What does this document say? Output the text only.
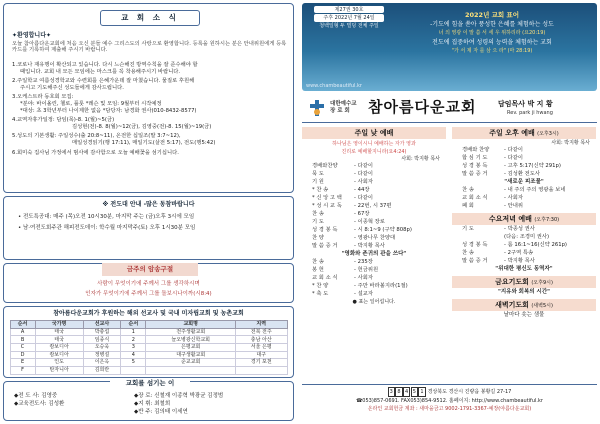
교 회 소 식
✦환영합니다✦
오늘 참아름다운교회에 처음 오신 분들 예수 그리스도의 사랑으로 환영합니다. 등록을 원하시는 분은 안내위원에게 등록카드를 기록하여 제출해 주시기 바랍니다.
1.코로나 재유행이 확산되고 있습니다. 다시 느슨해진 방역수칙을 잘 준수해야 할
때입니다. 교회 내 모든 모임에는 마스크를 꼭 착용해주시기 바랍니다.
2.주일학교 여름성경학교와 수련회를 은혜가운데 잘 마쳤습니다. 물질로 후원해
주시고 기도해주신 성도들에게 감사드립니다.
3.오케스트라 동호회 모집:
*분야: 바이올린, 첼로, 플룻 *레슨 및 모임: 9월부터 시작예정
*대상: 초 3학년부터 나이제한 없음 *담당자: 남경화 권사(010-8432-8577)
4.교역자휴가일정: 담임(목)-8. 1(월)~5(금)
김성현(전)-8. 8(월)~12(금), 김영중(전)-8. 15(월)~19(금)
5.성도의 기본생활: 주일성수(출 20:8~11), 온전한 십일조(말 3:7~12),
매일성경읽기(행 17:11), 매일기도(살전 5:17), 전도(행5:42)
6.회미숙 집사님 가정에서 범사에 감사함으로 오늘 예배꽃을 섬기십니다.
※ 전도대 안내 -많은 동참바랍니다
• 전도특공대: 매주 (목)오전 10시30분, 마지막 주는 (금)오후 3시에 모임
• 남·여전도회주관 해피전도데이: 학수월 마지막주(토) 오후 1시30분 모임
금주의 암송구절
사람이 무엇이기에 주께서 그를 생각하시며
인자가 무엇이기에 주께서 그를 돌보시나이까(시8:4)
참아름다운교회가 후원하는 해외 선교사 및 국내 미자립교회 및 농촌교회
순서	국가명	선교사	순서	교회명	지역
A	태국	박충섭	1	전주생활교회	전북 전주
B	태국	임종식	2	늘오병광신학교회	충남 아산
C	캄보디아	오승욱	3	은평교회	서울 은평
D	캄보디아	정병설	4	대구생활교회	대구
E	인도	이은옥	5	준교교회	경기 포천
F	탄자니아	김희란			
교회를 섬기는 이
◆전 도 사: 김영중
◆교육전도사: 김성환
◆장 로: 신철재 이종혁 박광균 김정범
◆지 휘: 최철희
◆반 주: 김의태 이세연
제27권 30호
주후 2022년 7월 24일
청백일형 두 빌딩 전체 주일
2022년 교회 표어
-기도에 힘을 쏟아 풍성한 은혜를 체험하는 성도
너 의 영광 이 말 씀 서 세 우 위하리라 (요20:19)
전도에 집중하여 성령의 능력을 체험하는 교회
"가 서 제 자 를 삼 으 라" (마 28:19)
www.chambeautiful.kr
대한예수교
장 로 회	참아름다운교회	담임목사 박 지 황
Rev. park ji hwang
주일 낮 예배
하나님은 영이시니 예배하는 자가 영과
진리로 예배할지니라(요4:24)
사회: 박지황 목사
경배와찬양	- 다같이
묵 도	- 다같이
기 원	- 사회자
* 찬 송	- 44장
* 신 앙 고 백	- 다같이
* 성 시 교 독	- 22번, 시 37편
찬 송	- 67장
기 도	- 이종혁 장로
성 경 봉 독	- 시 8:1~9 (구약 808p)
찬 양	- 영광나무 찬양대
말 씀 증 거	- 박지황 목사
"영화와 존귀의 관을 쓰다"
찬 송	- 235장
봉 헌	- 헌금위원
교 회 소 식	- 사회자
* 찬 양	- 주만 바라볼지라(1절)
* 축 도	- 설교자
● 표는 일어섭니다.
주일 오후 예배 (오후3시)
사회: 박지황 목사
경배와 찬양	- 다같이
합 심 기 도	- 다같이
성 경 봉 독	- 고후 5:17(신약 291p)
말 씀 증 거	- 김성환 전도사
"새로운 피조물"
찬 송	- 내 주의 주의 영광을 보네
교 회 소 식	- 사회자
폐 회	- 안내위
수요저녁 예배 (오후7:30)
기 도	- 박종성 권사
(다음: 조경미 권사)
성 경 봉 독	- 롬 16:1~16(신약 261p)
찬 송	- 2구역 특송
말 씀 증 거	- 박지황 목사
"위대한 평신도 동역자"
금요기도회 (오후9시)
"지유와 회복의 시간"
새벽기도회 (새벽5시)
날마다 솟는 샘물
3 8 4 5 1 경상북도 경산시 진량읍 봉황길 27-17
☎053)857-0691. FAX053)854-9512. 홈페이지: http://www.chambeautiful.kr
온라인 교회헌금 계좌 : 새마을금고 9002-1791-3367-예장(야름다운교회)
